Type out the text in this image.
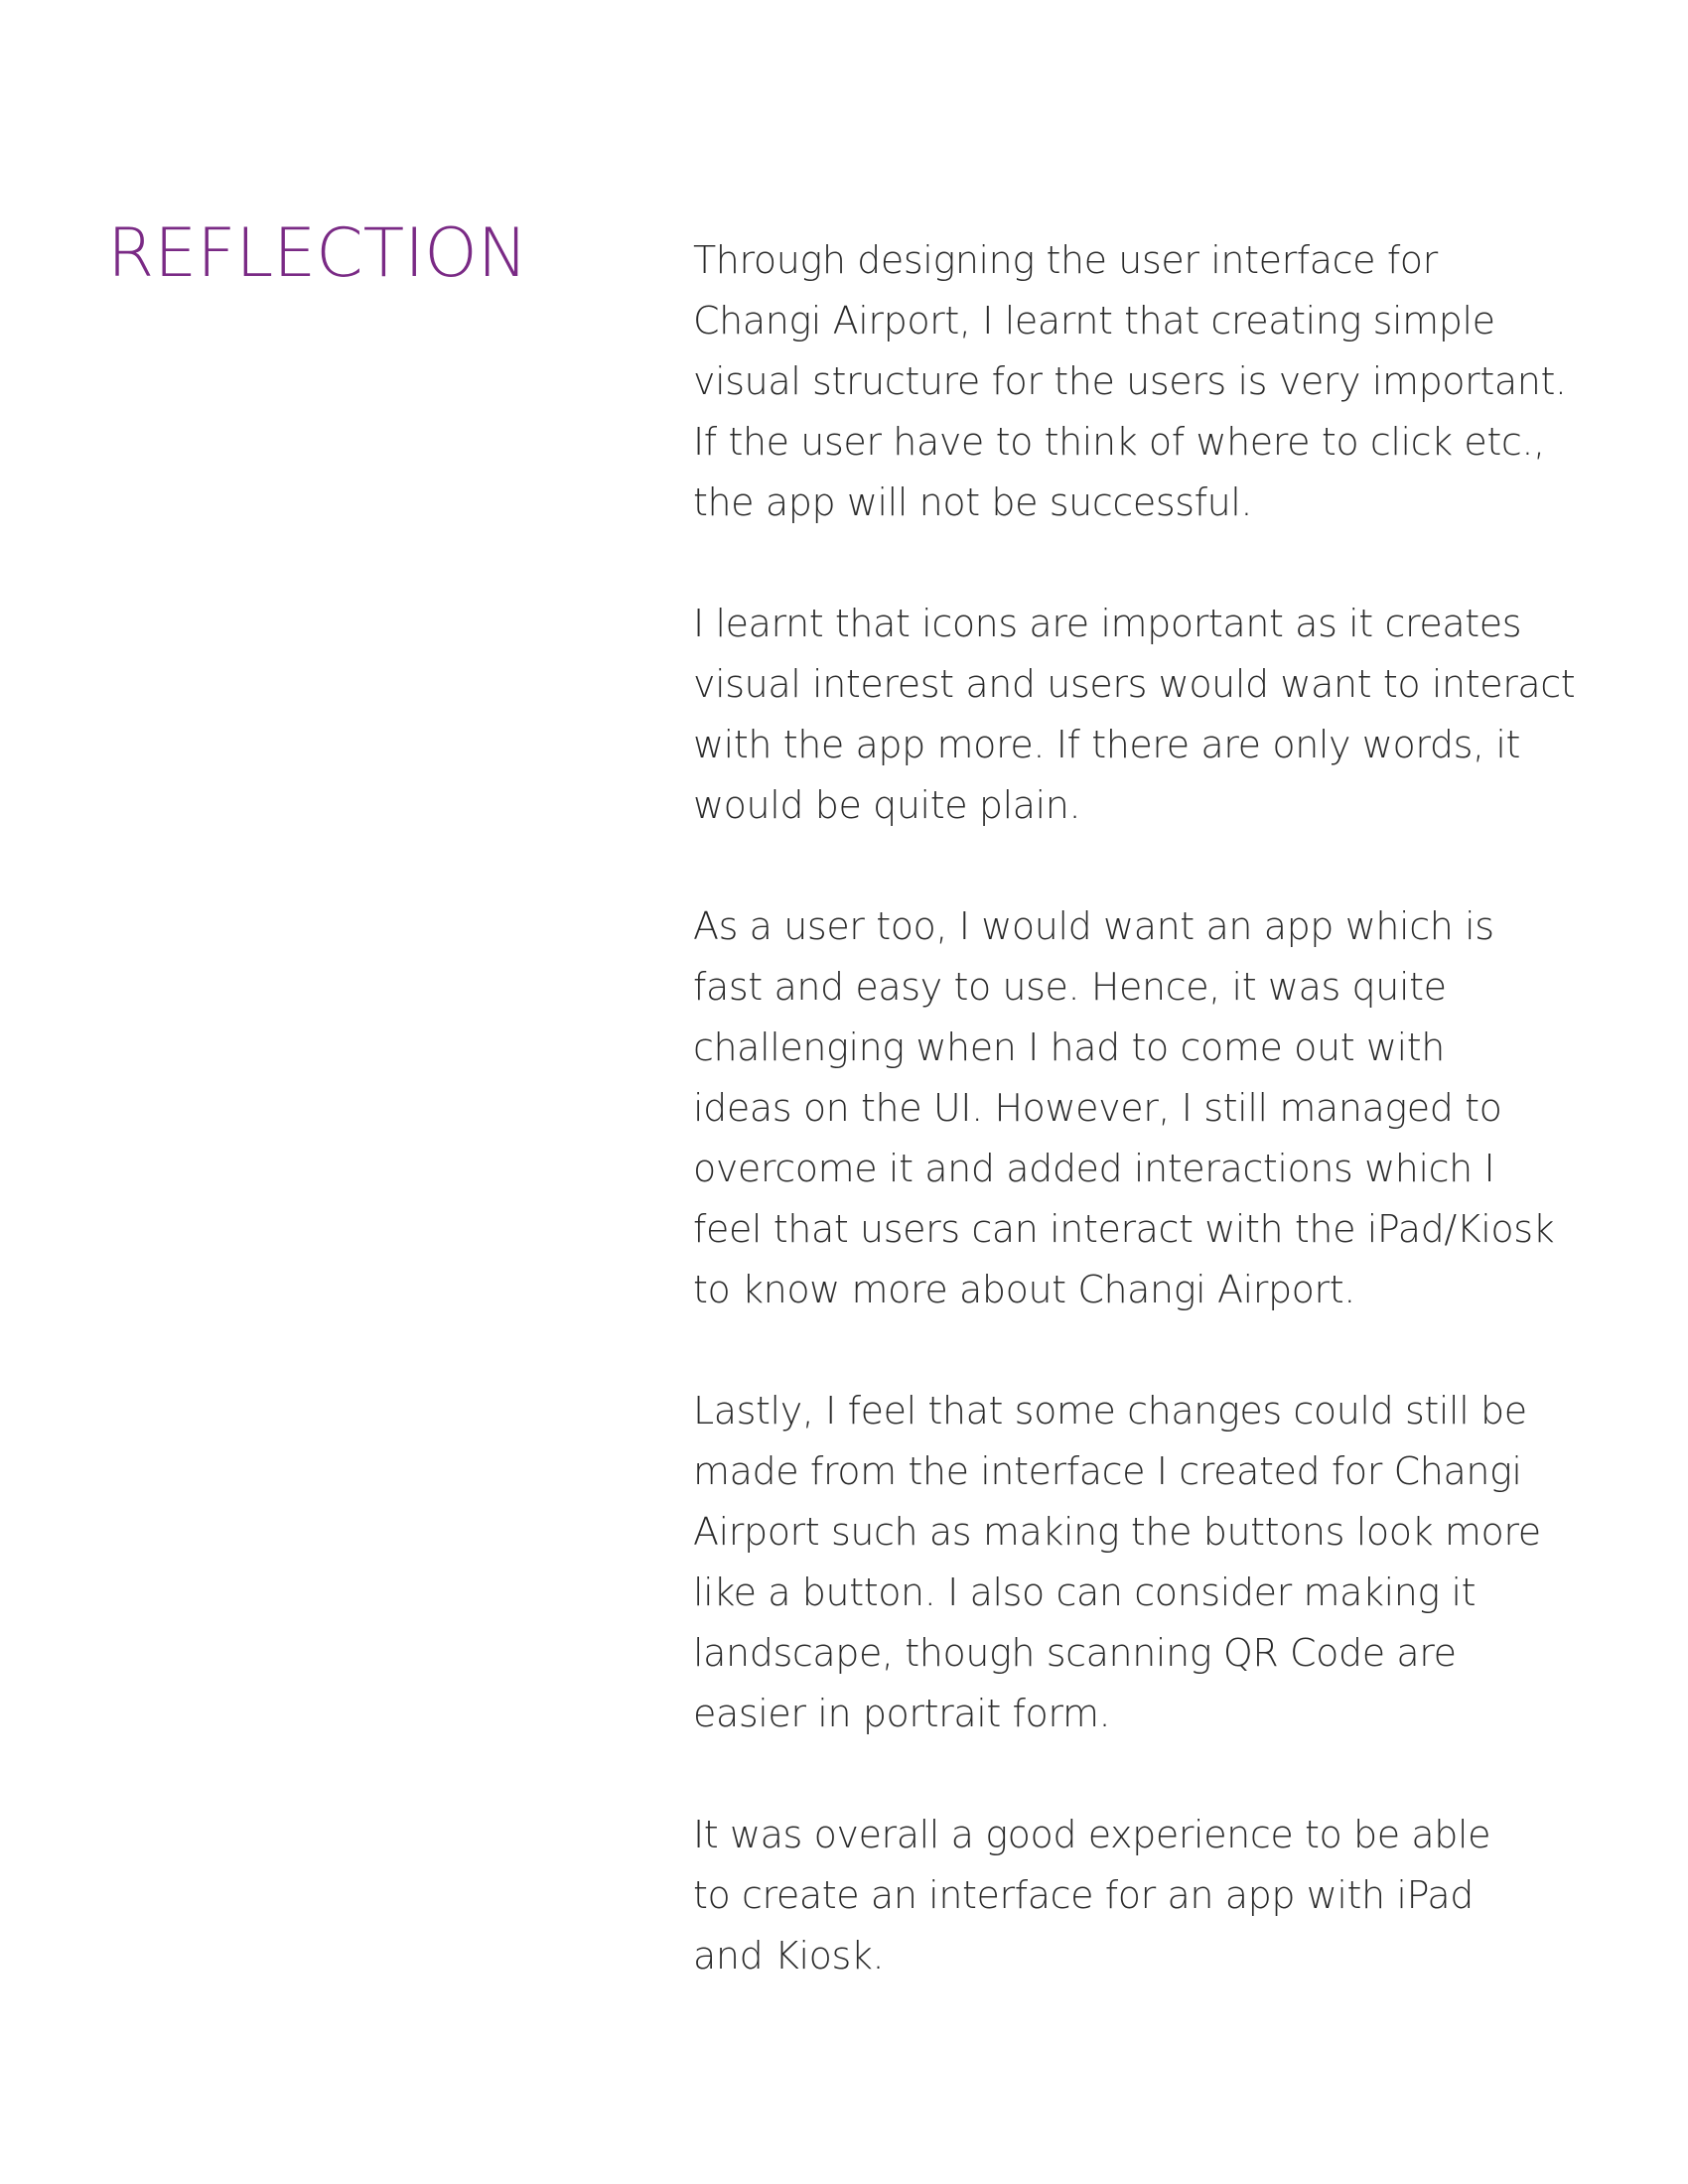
REFLECTION	Through designing the user interface for
Changi Airport, I learnt that creating simple
visual structure for the users is very important.
If the user have to think of where to click etc.,
the app will not be successful.

I learnt that icons are important as it creates
visual interest and users would want to interact
with the app more. If there are only words, it
would be quite plain.

As a user too, I would want an app which is
fast and easy to use. Hence, it was quite
challenging when I had to come out with
ideas on the UI. However, I still managed to
overcome it and added interactions which I
feel that users can interact with the iPad/Kiosk
to know more about Changi Airport.

Lastly, I feel that some changes could still be
made from the interface I created for Changi
Airport such as making the buttons look more
like a button. I also can consider making it
landscape, though scanning QR Code are
easier in portrait form.

It was overall a good experience to be able
to create an interface for an app with iPad
and Kiosk.
